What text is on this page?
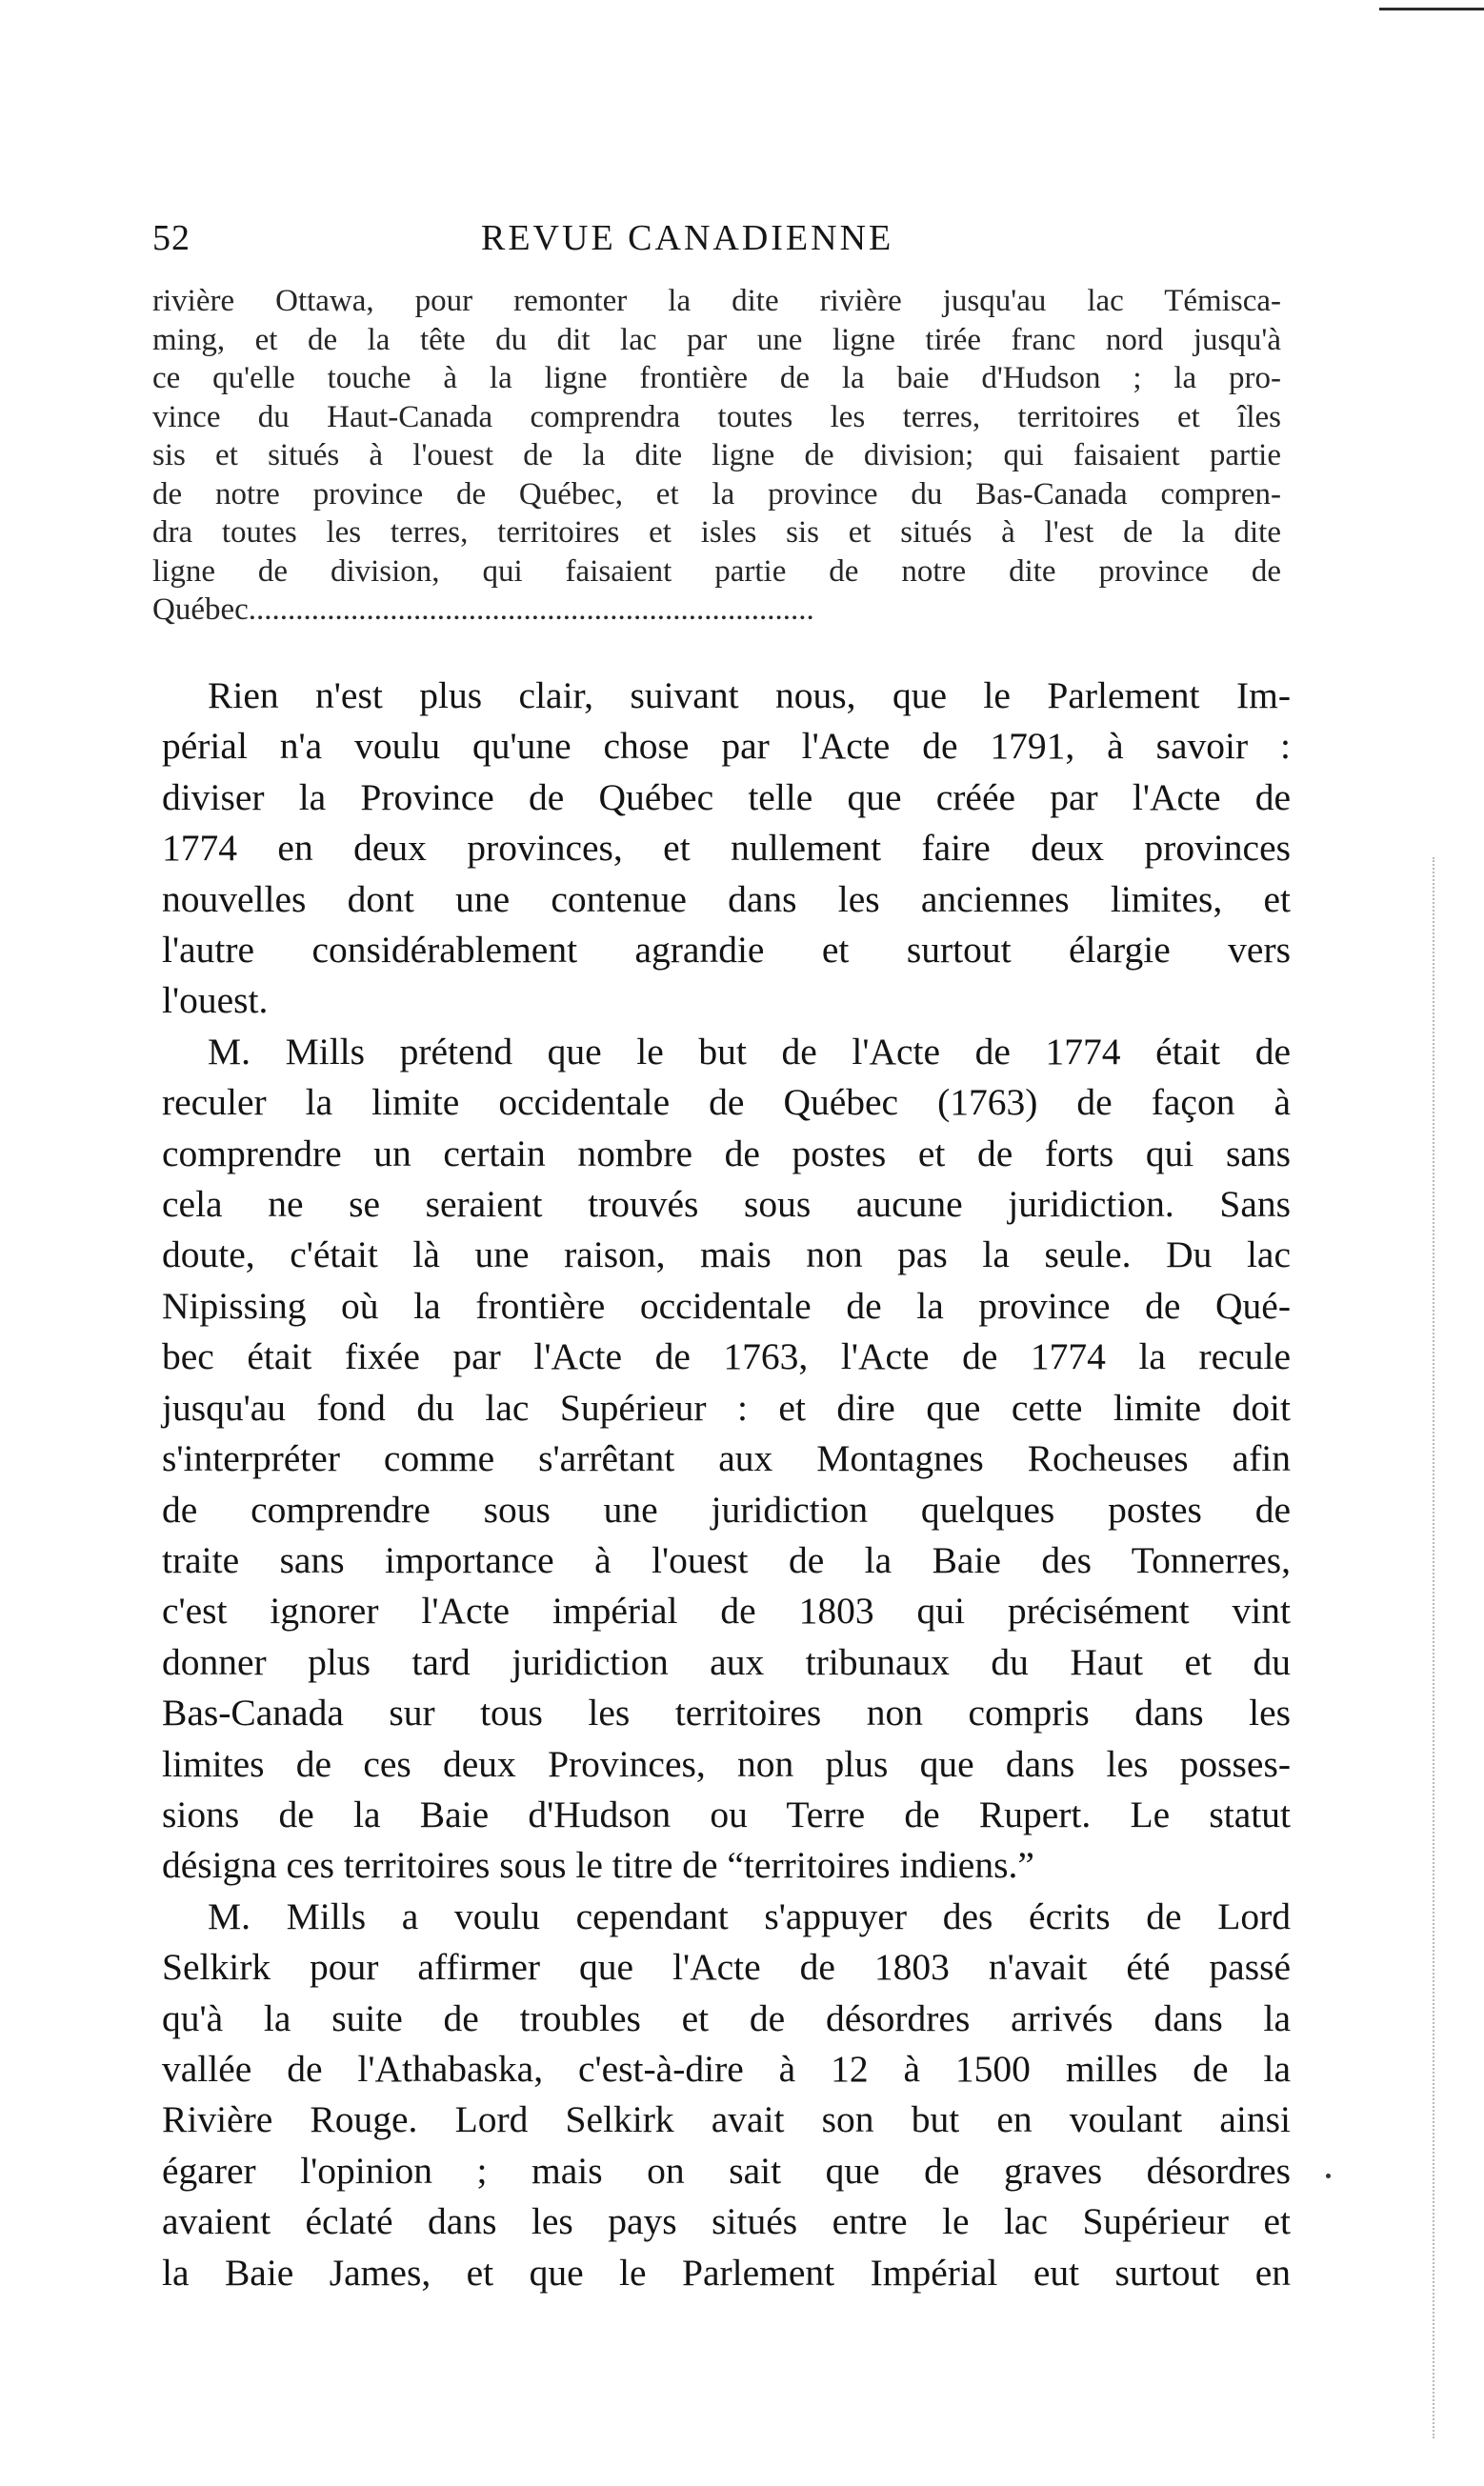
52	REVUE CANADIENNE
rivière Ottawa, pour remonter la dite rivière jusqu'au lac Témisca-
ming, et de la tête du dit lac par une ligne tirée franc nord jusqu'à
ce qu'elle touche à la ligne frontière de la baie d'Hudson ; la pro-
vince du Haut-Canada comprendra toutes les terres, territoires et îles
sis et situés à l'ouest de la dite ligne de division; qui faisaient partie
de notre province de Québec, et la province du Bas-Canada compren-
dra toutes les terres, territoires et isles sis et situés à l'est de la dite
ligne de division, qui faisaient partie de notre dite province de
Québec........................................................................
Rien n'est plus clair, suivant nous, que le Parlement Im-
périal n'a voulu qu'une chose par l'Acte de 1791, à savoir :
diviser la Province de Québec telle que créée par l'Acte de
1774 en deux provinces, et nullement faire deux provinces
nouvelles dont une contenue dans les anciennes limites, et
l'autre considérablement agrandie et surtout élargie vers
l'ouest.
M. Mills prétend que le but de l'Acte de 1774 était de
reculer la limite occidentale de Québec (1763) de façon à
comprendre un certain nombre de postes et de forts qui sans
cela ne se seraient trouvés sous aucune juridiction. Sans
doute, c'était là une raison, mais non pas la seule. Du lac
Nipissing où la frontière occidentale de la province de Qué-
bec était fixée par l'Acte de 1763, l'Acte de 1774 la recule
jusqu'au fond du lac Supérieur : et dire que cette limite doit
s'interpréter comme s'arrêtant aux Montagnes Rocheuses afin
de comprendre sous une juridiction quelques postes de
traite sans importance à l'ouest de la Baie des Tonnerres,
c'est ignorer l'Acte impérial de 1803 qui précisément vint
donner plus tard juridiction aux tribunaux du Haut et du
Bas-Canada sur tous les territoires non compris dans les
limites de ces deux Provinces, non plus que dans les posses-
sions de la Baie d'Hudson ou Terre de Rupert. Le statut
désigna ces territoires sous le titre de “territoires indiens.”
M. Mills a voulu cependant s'appuyer des écrits de Lord
Selkirk pour affirmer que l'Acte de 1803 n'avait été passé
qu'à la suite de troubles et de désordres arrivés dans la
vallée de l'Athabaska, c'est-à-dire à 12 à 1500 milles de la
Rivière Rouge. Lord Selkirk avait son but en voulant ainsi
égarer l'opinion ; mais on sait que de graves désordres
avaient éclaté dans les pays situés entre le lac Supérieur et
la Baie James, et que le Parlement Impérial eut surtout en
